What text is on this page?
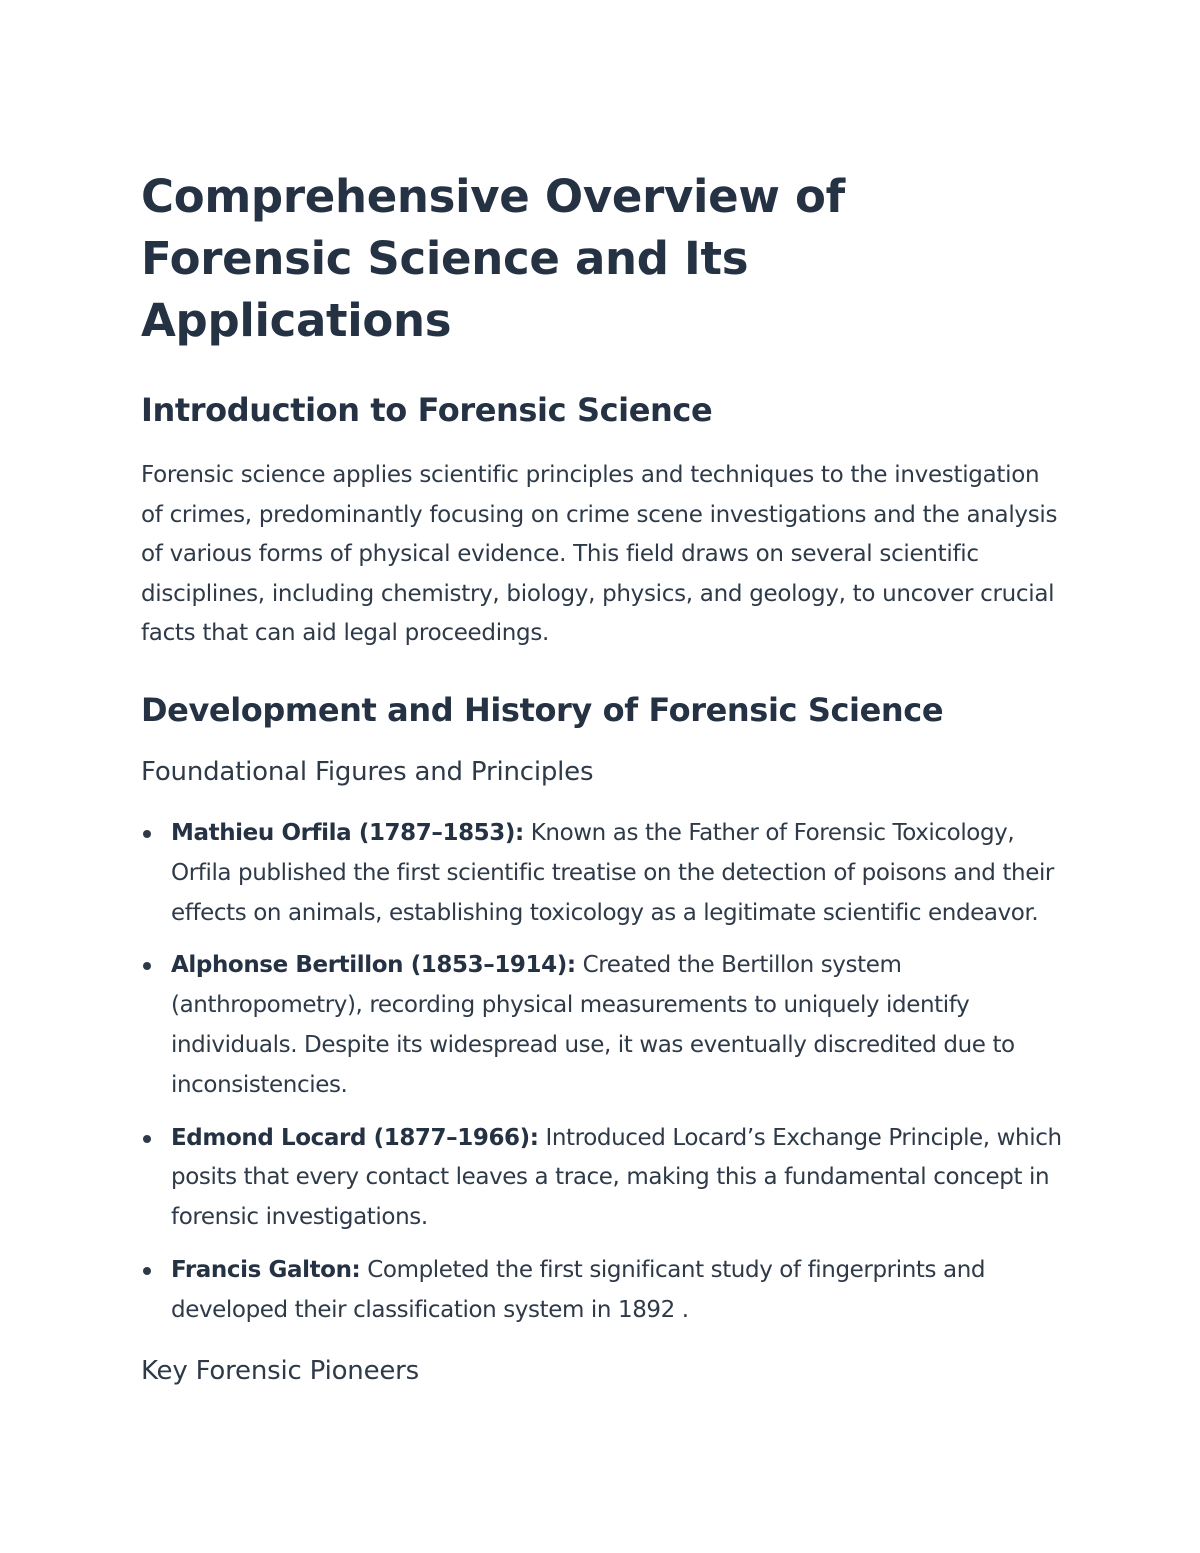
Comprehensive Overview of Forensic Science and Its Applications
Introduction to Forensic Science

Forensic science applies scientific principles and techniques to the investigation of crimes, predominantly focusing on crime scene investigations and the analysis of various forms of physical evidence. This field draws on several scientific disciplines, including chemistry, biology, physics, and geology, to uncover crucial facts that can aid legal proceedings.

Development and History of Forensic Science
Foundational Figures and Principles
Mathieu Orfila (1787–1853): Known as the Father of Forensic Toxicology, Orfila published the first scientific treatise on the detection of poisons and their effects on animals, establishing toxicology as a legitimate scientific endeavor.
Alphonse Bertillon (1853–1914): Created the Bertillon system (anthropometry), recording physical measurements to uniquely identify individuals. Despite its widespread use, it was eventually discredited due to inconsistencies.
Edmond Locard (1877–1966): Introduced Locard’s Exchange Principle, which posits that every contact leaves a trace, making this a fundamental concept in forensic investigations.
Francis Galton: Completed the first significant study of fingerprints and developed their classification system in 1892 .
Key Forensic Pioneers
